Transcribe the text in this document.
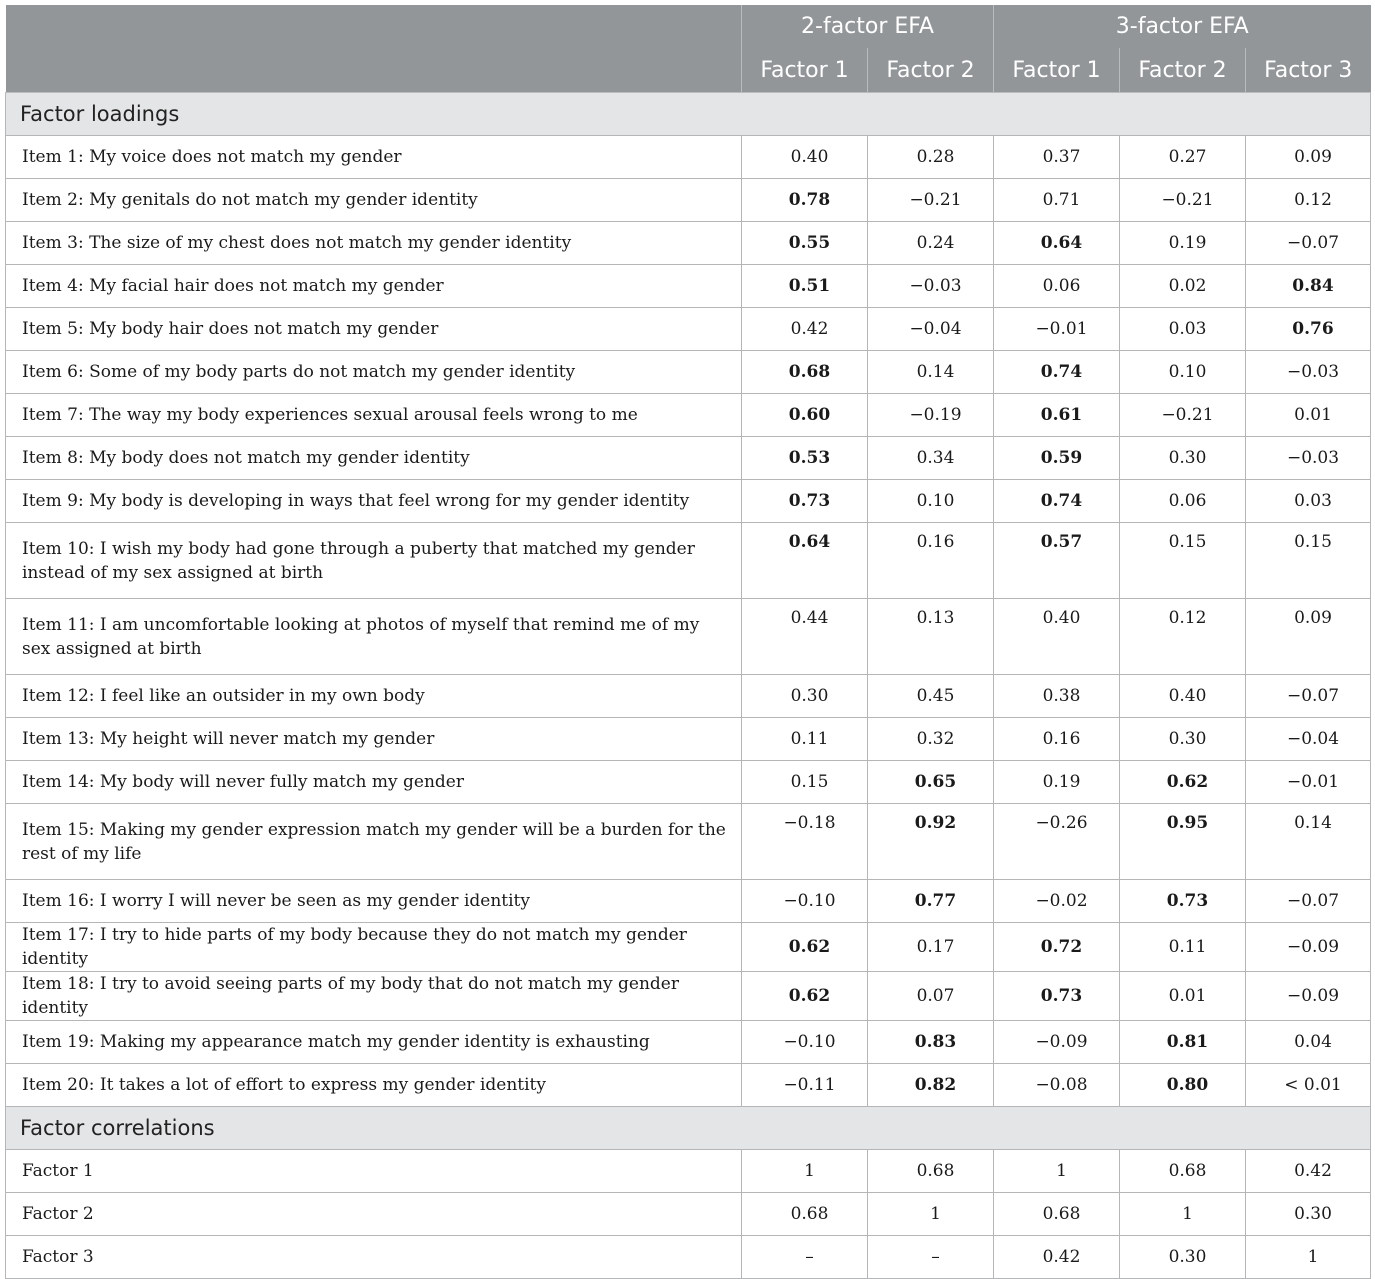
	2-factor EFA		3-factor EFA		
	Factor 1	Factor 2	Factor 1	Factor 2	Factor 3
Factor loadings					
Item 1: My voice does not match my gender	0.40	0.28	0.37	0.27	0.09
Item 2: My genitals do not match my gender identity	0.78	−0.21	0.71	−0.21	0.12
Item 3: The size of my chest does not match my gender identity	0.55	0.24	0.64	0.19	−0.07
Item 4: My facial hair does not match my gender	0.51	−0.03	0.06	0.02	0.84
Item 5: My body hair does not match my gender	0.42	−0.04	−0.01	0.03	0.76
Item 6: Some of my body parts do not match my gender identity	0.68	0.14	0.74	0.10	−0.03
Item 7: The way my body experiences sexual arousal feels wrong to me	0.60	−0.19	0.61	−0.21	0.01
Item 8: My body does not match my gender identity	0.53	0.34	0.59	0.30	−0.03
Item 9: My body is developing in ways that feel wrong for my gender identity	0.73	0.10	0.74	0.06	0.03
Item 10: I wish my body had gone through a puberty that matched my gender instead of my sex assigned at birth	0.64	0.16	0.57	0.15	0.15
Item 11: I am uncomfortable looking at photos of myself that remind me of my sex assigned at birth	0.44	0.13	0.40	0.12	0.09
Item 12: I feel like an outsider in my own body	0.30	0.45	0.38	0.40	−0.07
Item 13: My height will never match my gender	0.11	0.32	0.16	0.30	−0.04
Item 14: My body will never fully match my gender	0.15	0.65	0.19	0.62	−0.01
Item 15: Making my gender expression match my gender will be a burden for the rest of my life	−0.18	0.92	−0.26	0.95	0.14
Item 16: I worry I will never be seen as my gender identity	−0.10	0.77	−0.02	0.73	−0.07
Item 17: I try to hide parts of my body because they do not match my gender identity	0.62	0.17	0.72	0.11	−0.09
Item 18: I try to avoid seeing parts of my body that do not match my gender identity	0.62	0.07	0.73	0.01	−0.09
Item 19: Making my appearance match my gender identity is exhausting	−0.10	0.83	−0.09	0.81	0.04
Item 20: It takes a lot of effort to express my gender identity	−0.11	0.82	−0.08	0.80	< 0.01
Factor correlations					
Factor 1	1	0.68	1	0.68	0.42
Factor 2	0.68	1	0.68	1	0.30
Factor 3	–	–	0.42	0.30	1
